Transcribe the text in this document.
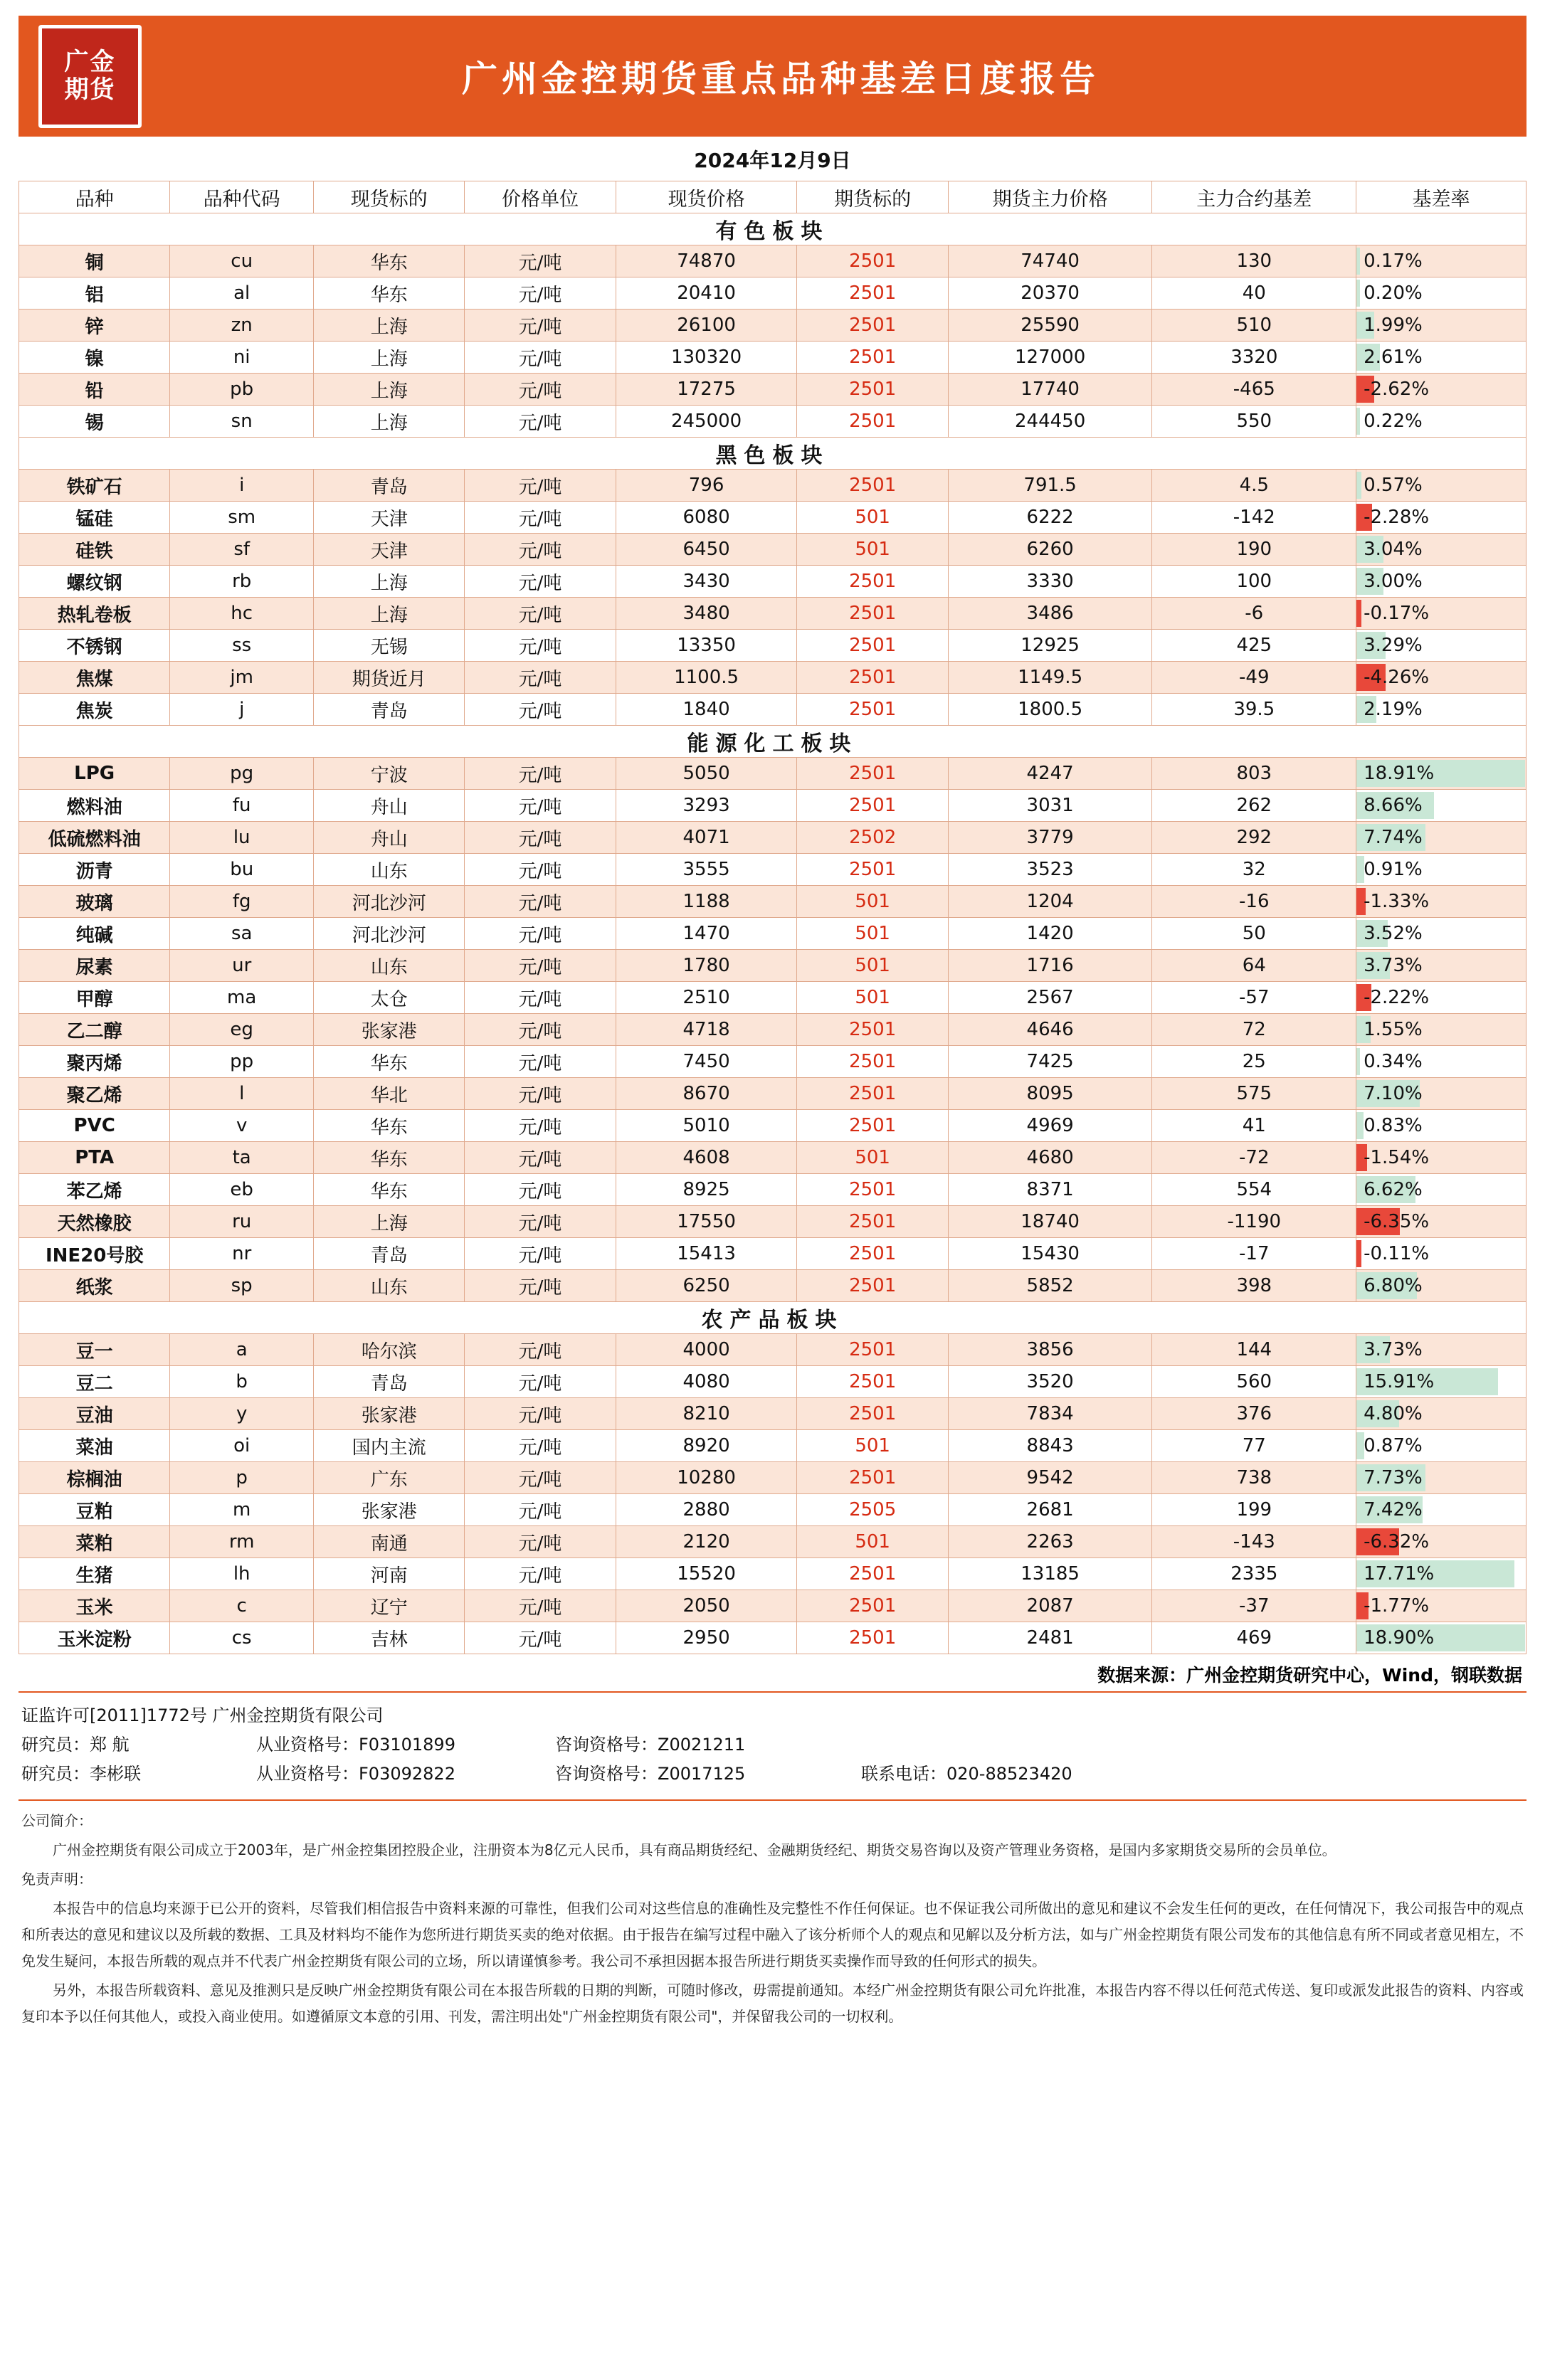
广金
期货	广州金控期货重点品种基差日度报告
2024年12月9日
品种	品种代码	现货标的	价格单位	现货价格	期货标的	期货主力价格	主力合约基差	基差率
有色板块								
铜	cu	华东	元/吨	74870	2501	74740	130	0.17%
铝	al	华东	元/吨	20410	2501	20370	40	0.20%
锌	zn	上海	元/吨	26100	2501	25590	510	1.99%
镍	ni	上海	元/吨	130320	2501	127000	3320	2.61%
铅	pb	上海	元/吨	17275	2501	17740	-465	-2.62%
锡	sn	上海	元/吨	245000	2501	244450	550	0.22%
黑色板块								
铁矿石	i	青岛	元/吨	796	2501	791.5	4.5	0.57%
锰硅	sm	天津	元/吨	6080	501	6222	-142	-2.28%
硅铁	sf	天津	元/吨	6450	501	6260	190	3.04%
螺纹钢	rb	上海	元/吨	3430	2501	3330	100	3.00%
热轧卷板	hc	上海	元/吨	3480	2501	3486	-6	-0.17%
不锈钢	ss	无锡	元/吨	13350	2501	12925	425	3.29%
焦煤	jm	期货近月	元/吨	1100.5	2501	1149.5	-49	-4.26%
焦炭	j	青岛	元/吨	1840	2501	1800.5	39.5	2.19%
能源化工板块								
LPG	pg	宁波	元/吨	5050	2501	4247	803	18.91%
燃料油	fu	舟山	元/吨	3293	2501	3031	262	8.66%
低硫燃料油	lu	舟山	元/吨	4071	2502	3779	292	7.74%
沥青	bu	山东	元/吨	3555	2501	3523	32	0.91%
玻璃	fg	河北沙河	元/吨	1188	501	1204	-16	-1.33%
纯碱	sa	河北沙河	元/吨	1470	501	1420	50	3.52%
尿素	ur	山东	元/吨	1780	501	1716	64	3.73%
甲醇	ma	太仓	元/吨	2510	501	2567	-57	-2.22%
乙二醇	eg	张家港	元/吨	4718	2501	4646	72	1.55%
聚丙烯	pp	华东	元/吨	7450	2501	7425	25	0.34%
聚乙烯	l	华北	元/吨	8670	2501	8095	575	7.10%
PVC	v	华东	元/吨	5010	2501	4969	41	0.83%
PTA	ta	华东	元/吨	4608	501	4680	-72	-1.54%
苯乙烯	eb	华东	元/吨	8925	2501	8371	554	6.62%
天然橡胶	ru	上海	元/吨	17550	2501	18740	-1190	-6.35%
INE20号胶	nr	青岛	元/吨	15413	2501	15430	-17	-0.11%
纸浆	sp	山东	元/吨	6250	2501	5852	398	6.80%
农产品板块								
豆一	a	哈尔滨	元/吨	4000	2501	3856	144	3.73%
豆二	b	青岛	元/吨	4080	2501	3520	560	15.91%
豆油	y	张家港	元/吨	8210	2501	7834	376	4.80%
菜油	oi	国内主流	元/吨	8920	501	8843	77	0.87%
棕榈油	p	广东	元/吨	10280	2501	9542	738	7.73%
豆粕	m	张家港	元/吨	2880	2505	2681	199	7.42%
菜粕	rm	南通	元/吨	2120	501	2263	-143	-6.32%
生猪	lh	河南	元/吨	15520	2501	13185	2335	17.71%
玉米	c	辽宁	元/吨	2050	2501	2087	-37	-1.77%
玉米淀粉	cs	吉林	元/吨	2950	2501	2481	469	18.90%
数据来源：广州金控期货研究中心，Wind，钢联数据
证监许可[2011]1772号 广州金控期货有限公司
研究员：郑 航	从业资格号：F03101899	咨询资格号：Z0021211
研究员：李彬联	从业资格号：F03092822	咨询资格号：Z0017125	联系电话：020-88523420

公司简介：

广州金控期货有限公司成立于2003年，是广州金控集团控股企业，注册资本为8亿元人民币，具有商品期货经纪、金融期货经纪、期货交易咨询以及资产管理业务资格，是国内多家期货交易所的会员单位。

免责声明：

本报告中的信息均来源于已公开的资料，尽管我们相信报告中资料来源的可靠性，但我们公司对这些信息的准确性及完整性不作任何保证。也不保证我公司所做出的意见和建议不会发生任何的更改，在任何情况下，我公司报告中的观点和所表达的意见和建议以及所载的数据、工具及材料均不能作为您所进行期货买卖的绝对依据。由于报告在编写过程中融入了该分析师个人的观点和见解以及分析方法，如与广州金控期货有限公司发布的其他信息有所不同或者意见相左，不免发生疑问，本报告所载的观点并不代表广州金控期货有限公司的立场，所以请谨慎参考。我公司不承担因据本报告所进行期货买卖操作而导致的任何形式的损失。

另外，本报告所载资料、意见及推测只是反映广州金控期货有限公司在本报告所载的日期的判断，可随时修改，毋需提前通知。本经广州金控期货有限公司允许批准，本报告内容不得以任何范式传送、复印或派发此报告的资料、内容或复印本予以任何其他人，或投入商业使用。如遵循原文本意的引用、刊发，需注明出处"广州金控期货有限公司"，并保留我公司的一切权利。
